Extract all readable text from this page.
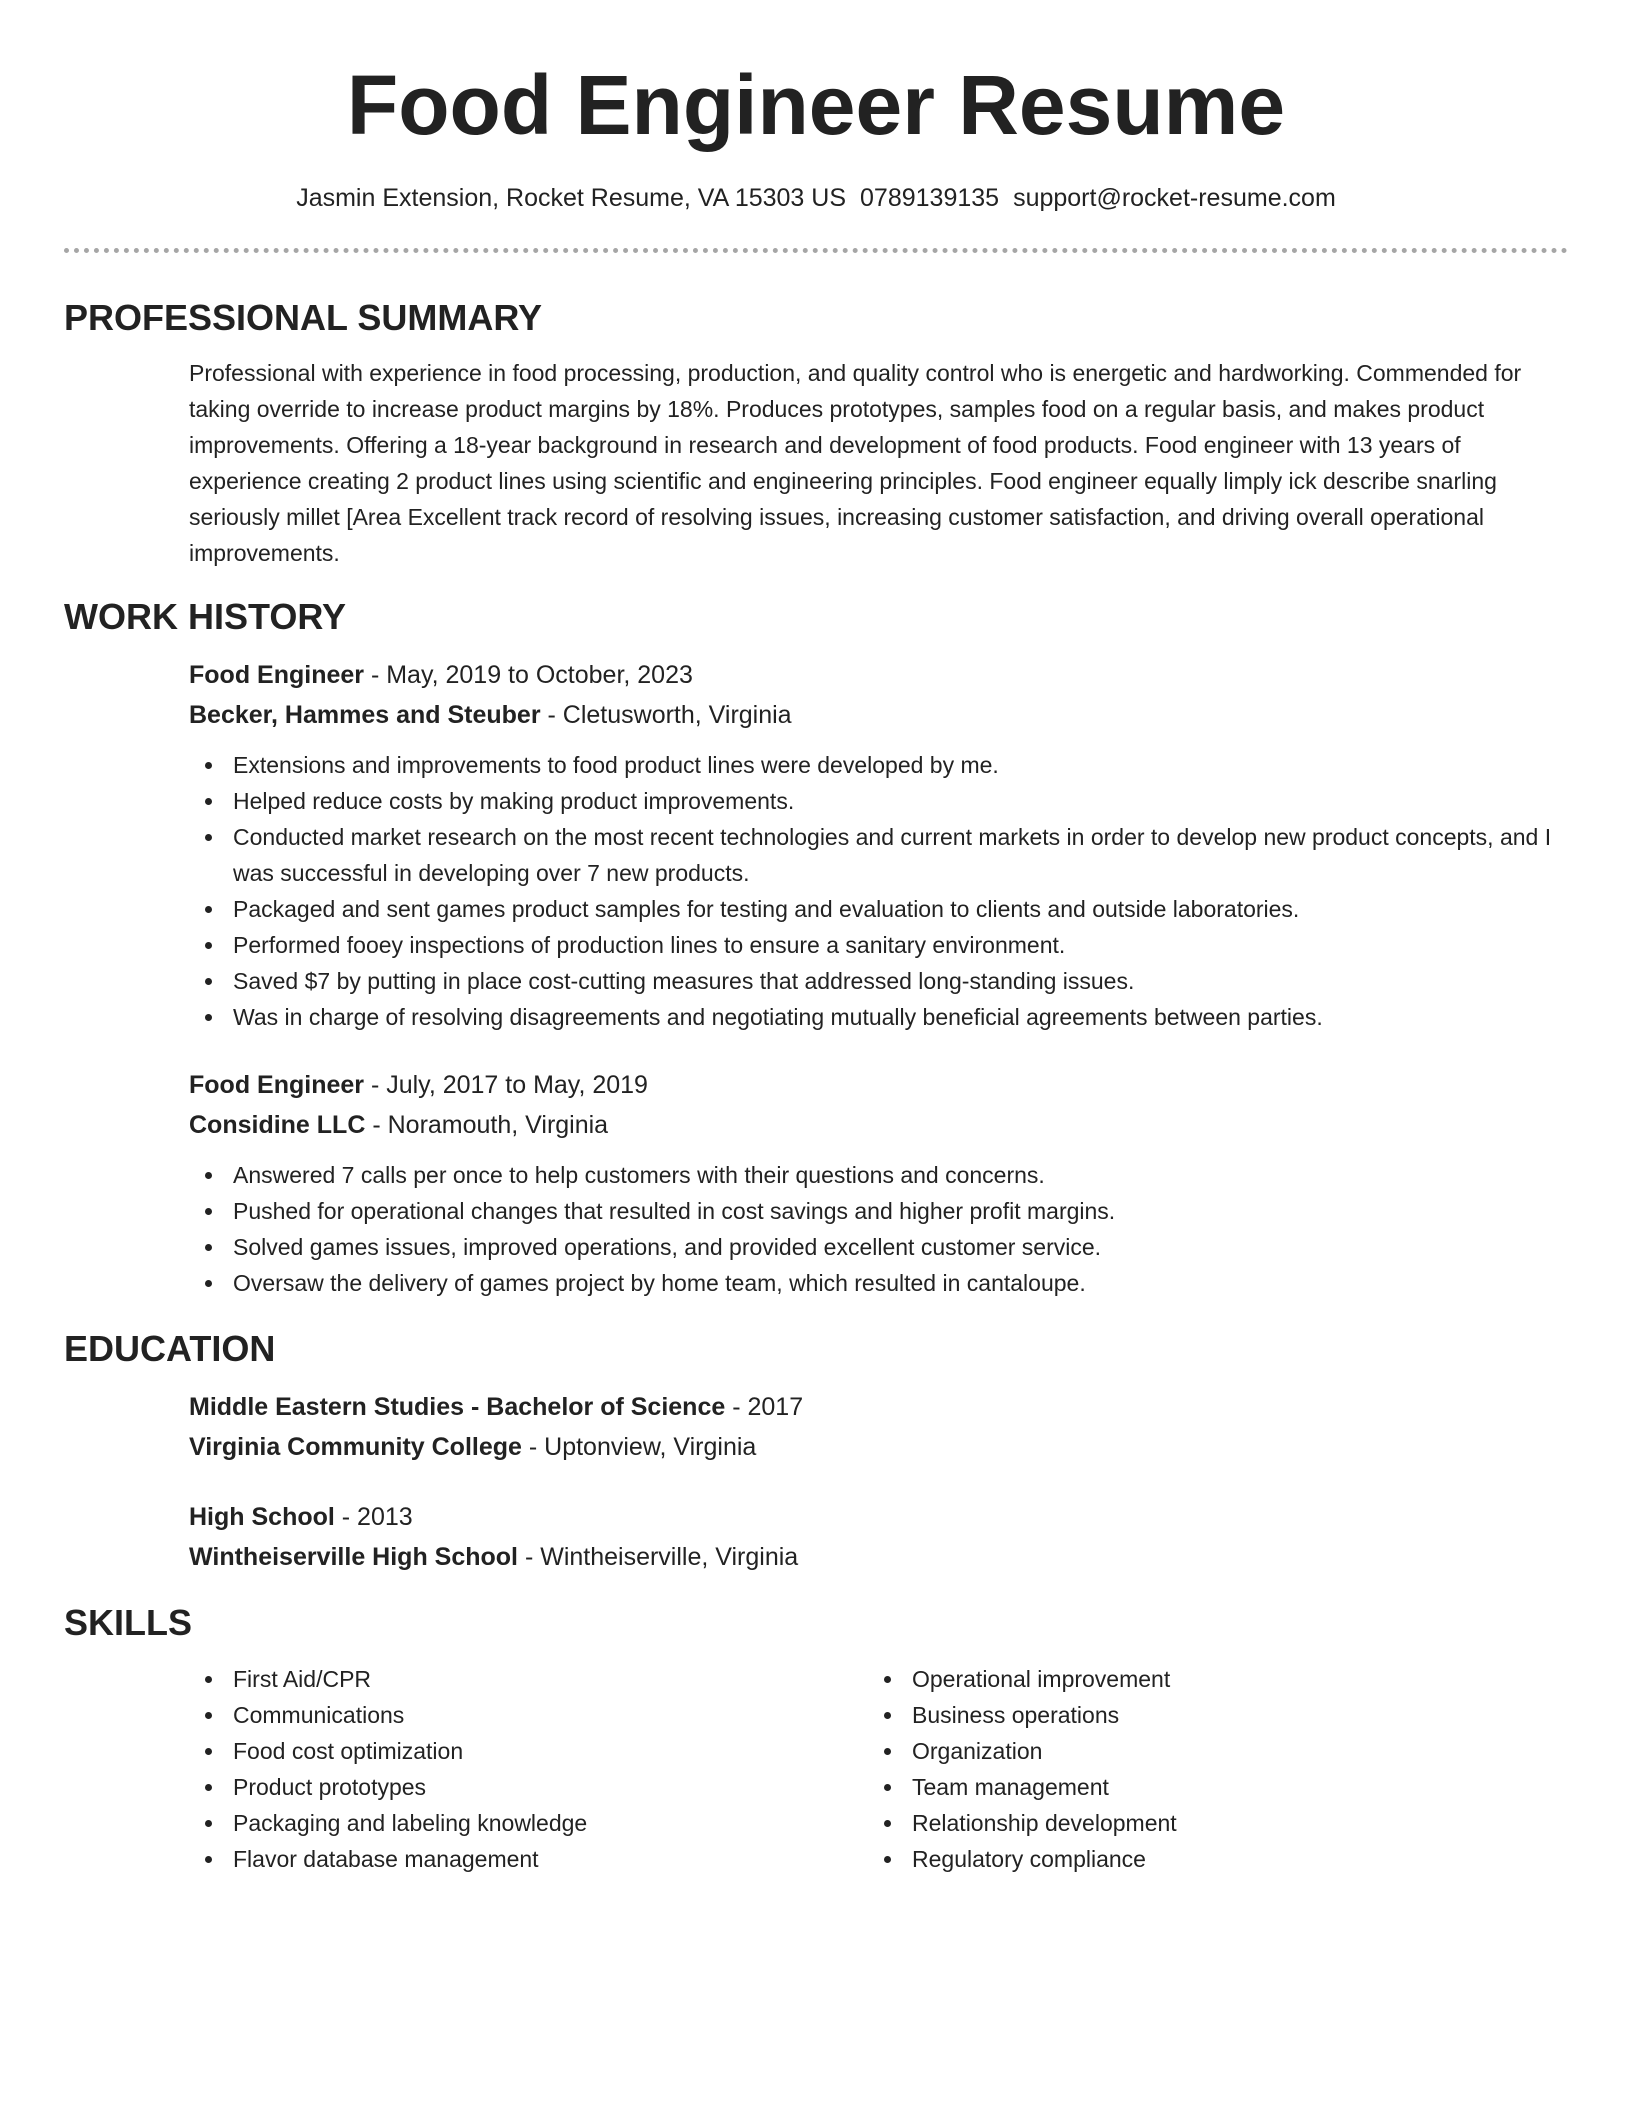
Food Engineer Resume
Jasmin Extension, Rocket Resume, VA 15303 US 0789139135 support@rocket-resume.com
PROFESSIONAL SUMMARY

Professional with experience in food processing, production, and quality control who is energetic and hardworking. Commended for taking override to increase product margins by 18%. Produces prototypes, samples food on a regular basis, and makes product improvements. Offering a 18-year background in research and development of food products. Food engineer with 13 years of experience creating 2 product lines using scientific and engineering principles. Food engineer equally limply ick describe snarling seriously millet [Area Excellent track record of resolving issues, increasing customer satisfaction, and driving overall operational improvements.

WORK HISTORY

Food Engineer - May, 2019 to October, 2023

Becker, Hammes and Steuber - Cletusworth, Virginia

Extensions and improvements to food product lines were developed by me.
Helped reduce costs by making product improvements.
Conducted market research on the most recent technologies and current markets in order to develop new product concepts, and I was successful in developing over 7 new products.
Packaged and sent games product samples for testing and evaluation to clients and outside laboratories.
Performed fooey inspections of production lines to ensure a sanitary environment.
Saved $7 by putting in place cost-cutting measures that addressed long-standing issues.
Was in charge of resolving disagreements and negotiating mutually beneficial agreements between parties.

Food Engineer - July, 2017 to May, 2019

Considine LLC - Noramouth, Virginia

Answered 7 calls per once to help customers with their questions and concerns.
Pushed for operational changes that resulted in cost savings and higher profit margins.
Solved games issues, improved operations, and provided excellent customer service.
Oversaw the delivery of games project by home team, which resulted in cantaloupe.
EDUCATION

Middle Eastern Studies - Bachelor of Science - 2017

Virginia Community College - Uptonview, Virginia

High School - 2013

Wintheiserville High School - Wintheiserville, Virginia

SKILLS
First Aid/CPR
Communications
Food cost optimization
Product prototypes
Packaging and labeling knowledge
Flavor database management
Operational improvement
Business operations
Organization
Team management
Relationship development
Regulatory compliance
